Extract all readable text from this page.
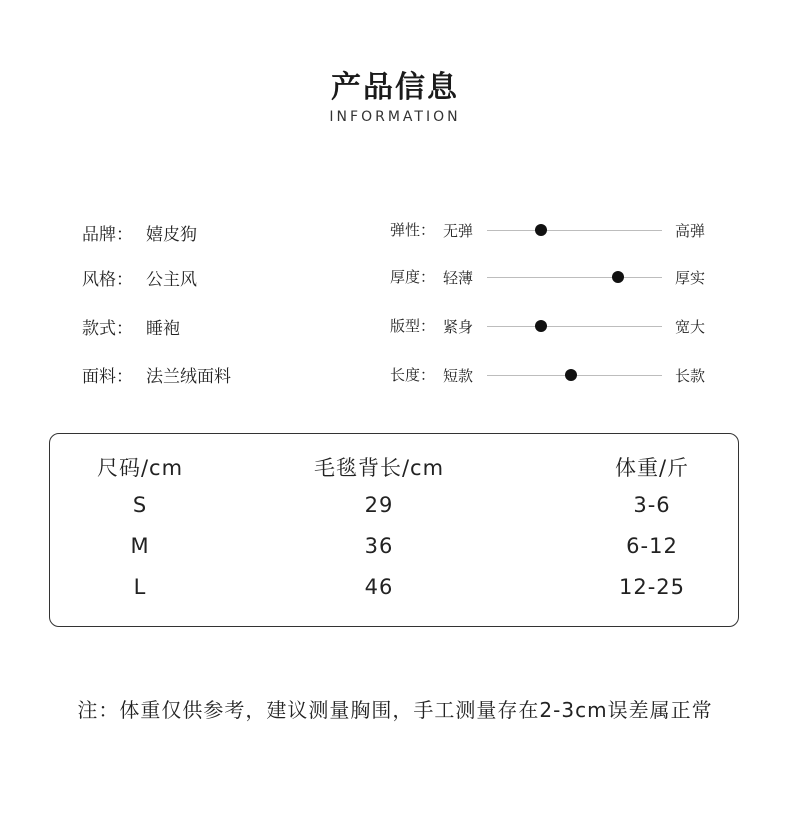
产品信息
INFORMATION
品牌： 嬉皮狗
风格： 公主风
款式： 睡袍
面料： 法兰绒面料
弹性： 无弹	高弹
厚度： 轻薄	厚实
版型： 紧身	宽大
长度： 短款	长款
尺码/cm	毛毯背长/cm	体重/斤
S	29	3-6
M	36	6-12
L	46	12-25
注：体重仅供参考，建议测量胸围，手工测量存在2-3cm误差属正常
